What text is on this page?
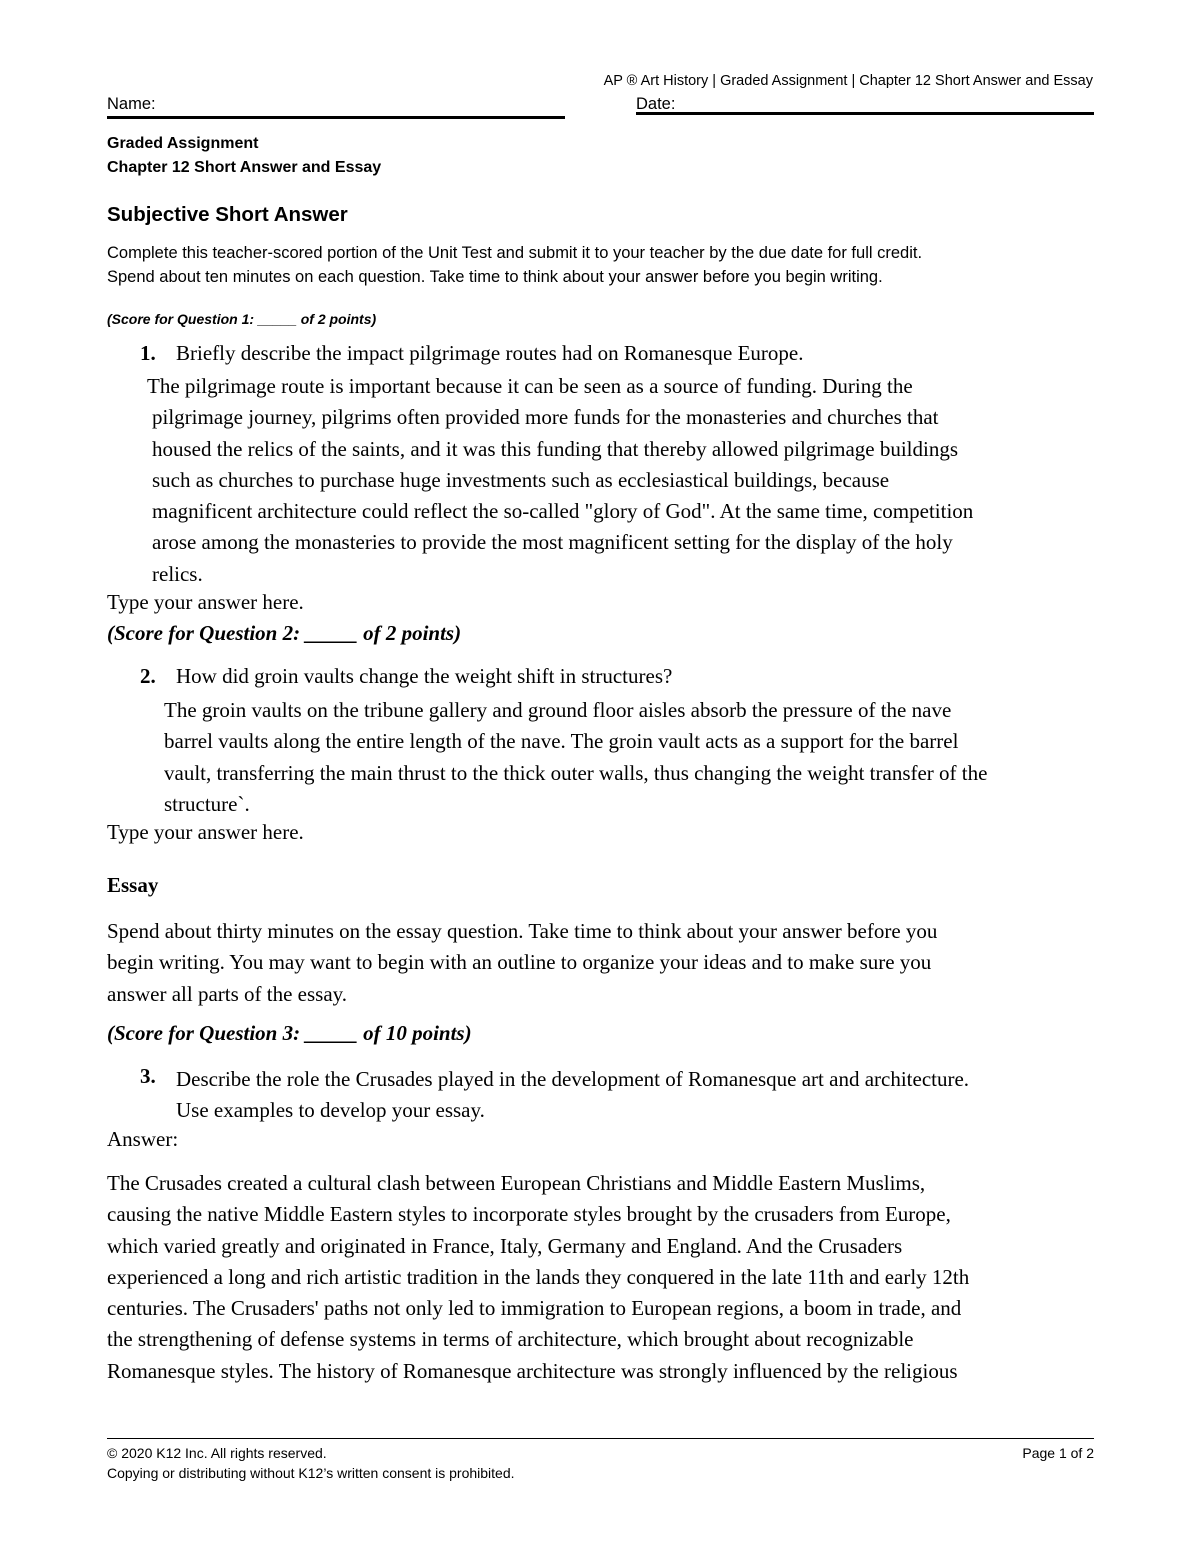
AP ® Art History | Graded Assignment | Chapter 12 Short Answer and Essay
Name:	Date:
Graded Assignment
Chapter 12 Short Answer and Essay
Subjective Short Answer
Complete this teacher-scored portion of the Unit Test and submit it to your teacher by the due date for full credit.
Spend about ten minutes on each question. Take time to think about your answer before you begin writing.
(Score for Question 1: _____ of 2 points)
1. Briefly describe the impact pilgrimage routes had on Romanesque Europe.
The pilgrimage route is important because it can be seen as a source of funding. During the
pilgrimage journey, pilgrims often provided more funds for the monasteries and churches that
housed the relics of the saints, and it was this funding that thereby allowed pilgrimage buildings
such as churches to purchase huge investments such as ecclesiastical buildings, because
magnificent architecture could reflect the so-called "glory of God". At the same time, competition
arose among the monasteries to provide the most magnificent setting for the display of the holy
relics.
Type your answer here.
(Score for Question 2: _____ of 2 points)
2. How did groin vaults change the weight shift in structures?
The groin vaults on the tribune gallery and ground floor aisles absorb the pressure of the nave
barrel vaults along the entire length of the nave. The groin vault acts as a support for the barrel
vault, transferring the main thrust to the thick outer walls, thus changing the weight transfer of the
structure`.
Type your answer here.
Essay
Spend about thirty minutes on the essay question. Take time to think about your answer before you
begin writing. You may want to begin with an outline to organize your ideas and to make sure you
answer all parts of the essay.
(Score for Question 3: _____ of 10 points)
3. Describe the role the Crusades played in the development of Romanesque art and architecture.
Use examples to develop your essay.
Answer:
The Crusades created a cultural clash between European Christians and Middle Eastern Muslims,
causing the native Middle Eastern styles to incorporate styles brought by the crusaders from Europe,
which varied greatly and originated in France, Italy, Germany and England. And the Crusaders
experienced a long and rich artistic tradition in the lands they conquered in the late 11th and early 12th
centuries. The Crusaders' paths not only led to immigration to European regions, a boom in trade, and
the strengthening of defense systems in terms of architecture, which brought about recognizable
Romanesque styles. The history of Romanesque architecture was strongly influenced by the religious
© 2020 K12 Inc. All rights reserved.
Copying or distributing without K12’s written consent is prohibited.
Page 1 of 2
